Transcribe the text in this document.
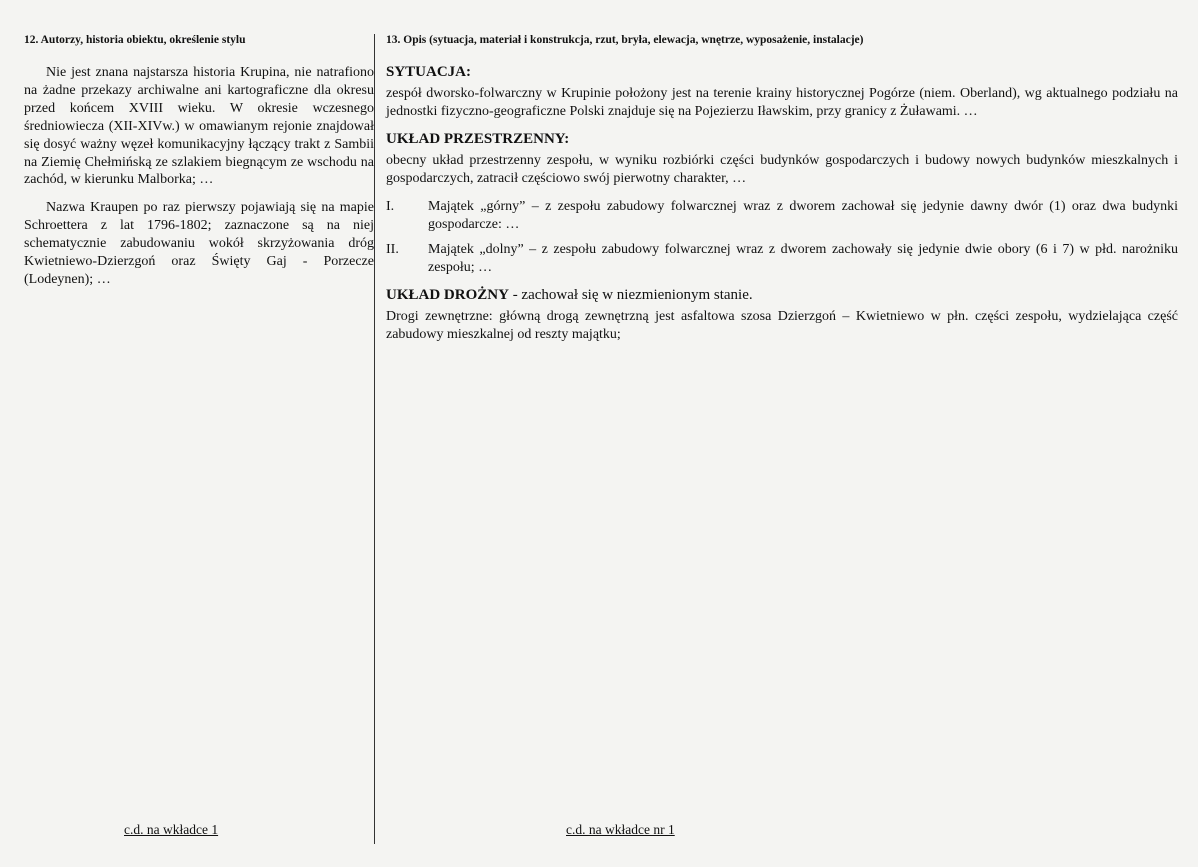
12. Autorzy, historia obiektu, określenie stylu

Nie jest znana najstarsza historia Krupina, nie natrafiono na żadne przekazy archiwalne ani kartograficzne dla okresu przed końcem XVIII wieku. W okresie wczesnego średniowiecza (XII-XIVw.) w omawianym rejonie znajdował się dosyć ważny węzeł komunikacyjny łączący trakt z Sambii na Ziemię Chełmińską ze szlakiem biegnącym ze wschodu na zachód, w kierunku Malborka; …

Nazwa Kraupen po raz pierwszy pojawiają się na mapie Schroettera z lat 1796-1802; zaznaczone są na niej schematycznie zabudowaniu wokół skrzyżowania dróg Kwietniewo-Dzierzgoń oraz Święty Gaj - Porzecze (Lodeynen); …

c.d. na wkładce 1
13. Opis (sytuacja, materiał i konstrukcja, rzut, bryła, elewacja, wnętrze, wyposażenie, instalacje)
SYTUACJA:

zespół dworsko-folwarczny w Krupinie położony jest na terenie krainy historycznej Pogórze (niem. Oberland), wg aktualnego podziału na jednostki fizyczno-geograficzne Polski znajduje się na Pojezierzu Iławskim, przy granicy z Żuławami. …

UKŁAD PRZESTRZENNY:

obecny układ przestrzenny zespołu, w wyniku rozbiórki części budynków gospodarczych i budowy nowych budynków mieszkalnych i gospodarczych, zatracił częściowo swój pierwotny charakter, …

I.	Majątek „górny” – z zespołu zabudowy folwarcznej wraz z dworem zachował się jedynie dawny dwór (1) oraz dwa budynki gospodarcze: …
II.	Majątek „dolny” – z zespołu zabudowy folwarcznej wraz z dworem zachowały się jedynie dwie obory (6 i 7) w płd. narożniku zespołu; …
UKŁAD DROŻNY - zachował się w niezmienionym stanie.

Drogi zewnętrzne: główną drogą zewnętrzną jest asfaltowa szosa Dzierzgoń – Kwietniewo w płn. części zespołu, wydzielająca część zabudowy mieszkalnej od reszty majątku;

c.d. na wkładce nr 1
